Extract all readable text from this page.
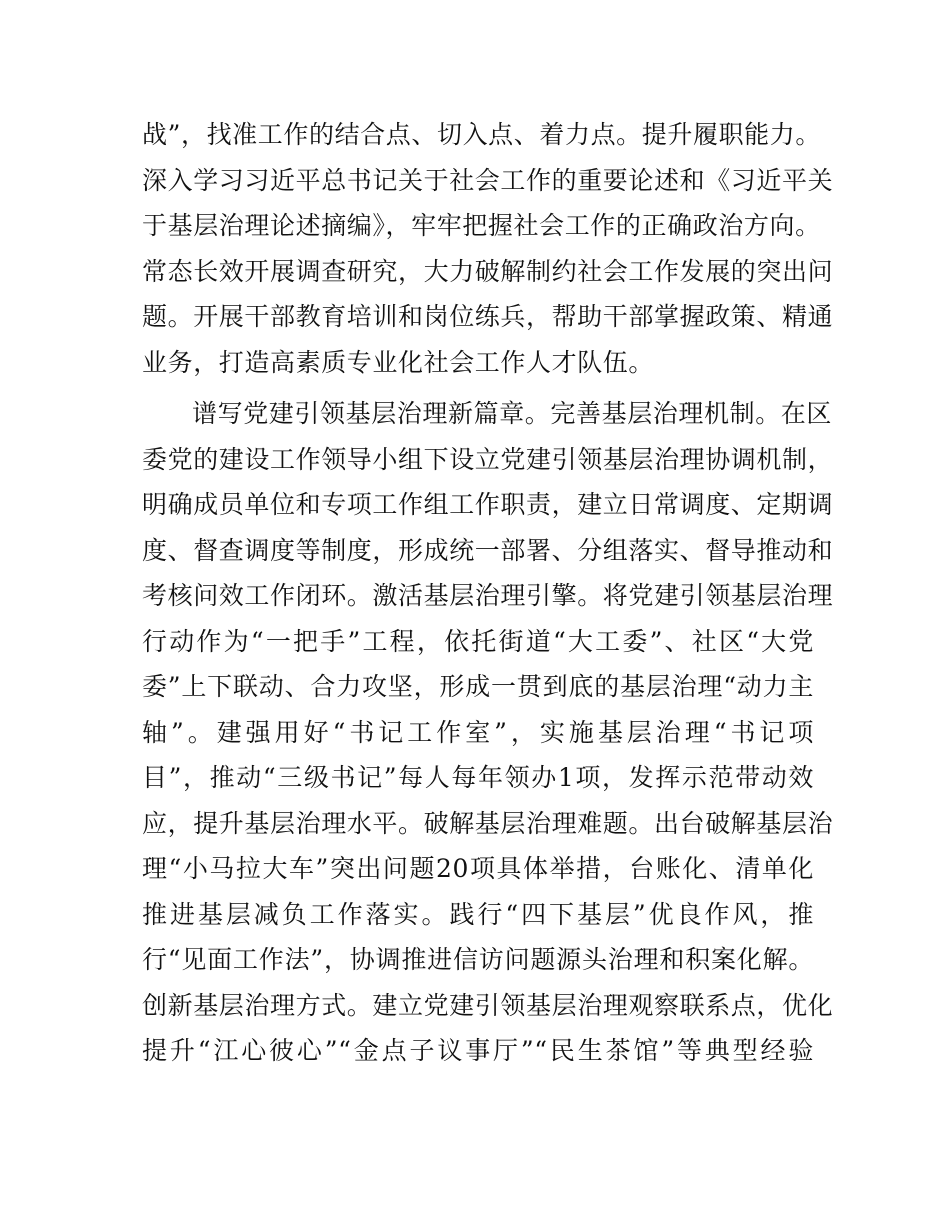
战”，找准工作的结合点、切入点、着力点。提升履职能力。
深入学习习近平总书记关于社会工作的重要论述和《习近平关
于基层治理论述摘编》，牢牢把握社会工作的正确政治方向。
常态长效开展调查研究，大力破解制约社会工作发展的突出问
题。开展干部教育培训和岗位练兵，帮助干部掌握政策、精通
业务，打造高素质专业化社会工作人才队伍。
谱写党建引领基层治理新篇章。完善基层治理机制。在区
委党的建设工作领导小组下设立党建引领基层治理协调机制，
明确成员单位和专项工作组工作职责，建立日常调度、定期调
度、督查调度等制度，形成统一部署、分组落实、督导推动和
考核问效工作闭环。激活基层治理引擎。将党建引领基层治理
行动作为“一把手”工程，依托街道“大工委”、社区“大党
委”上下联动、合力攻坚，形成一贯到底的基层治理“动力主
轴”。建强用好“书记工作室”，实施基层治理“书记项
目”，推动“三级书记”每人每年领办1项，发挥示范带动效
应，提升基层治理水平。破解基层治理难题。出台破解基层治
理“小马拉大车”突出问题20项具体举措，台账化、清单化
推进基层减负工作落实。践行“四下基层”优良作风，推
行“见面工作法”，协调推进信访问题源头治理和积案化解。
创新基层治理方式。建立党建引领基层治理观察联系点，优化
提升“江心彼心”“金点子议事厅”“民生茶馆”等典型经验
